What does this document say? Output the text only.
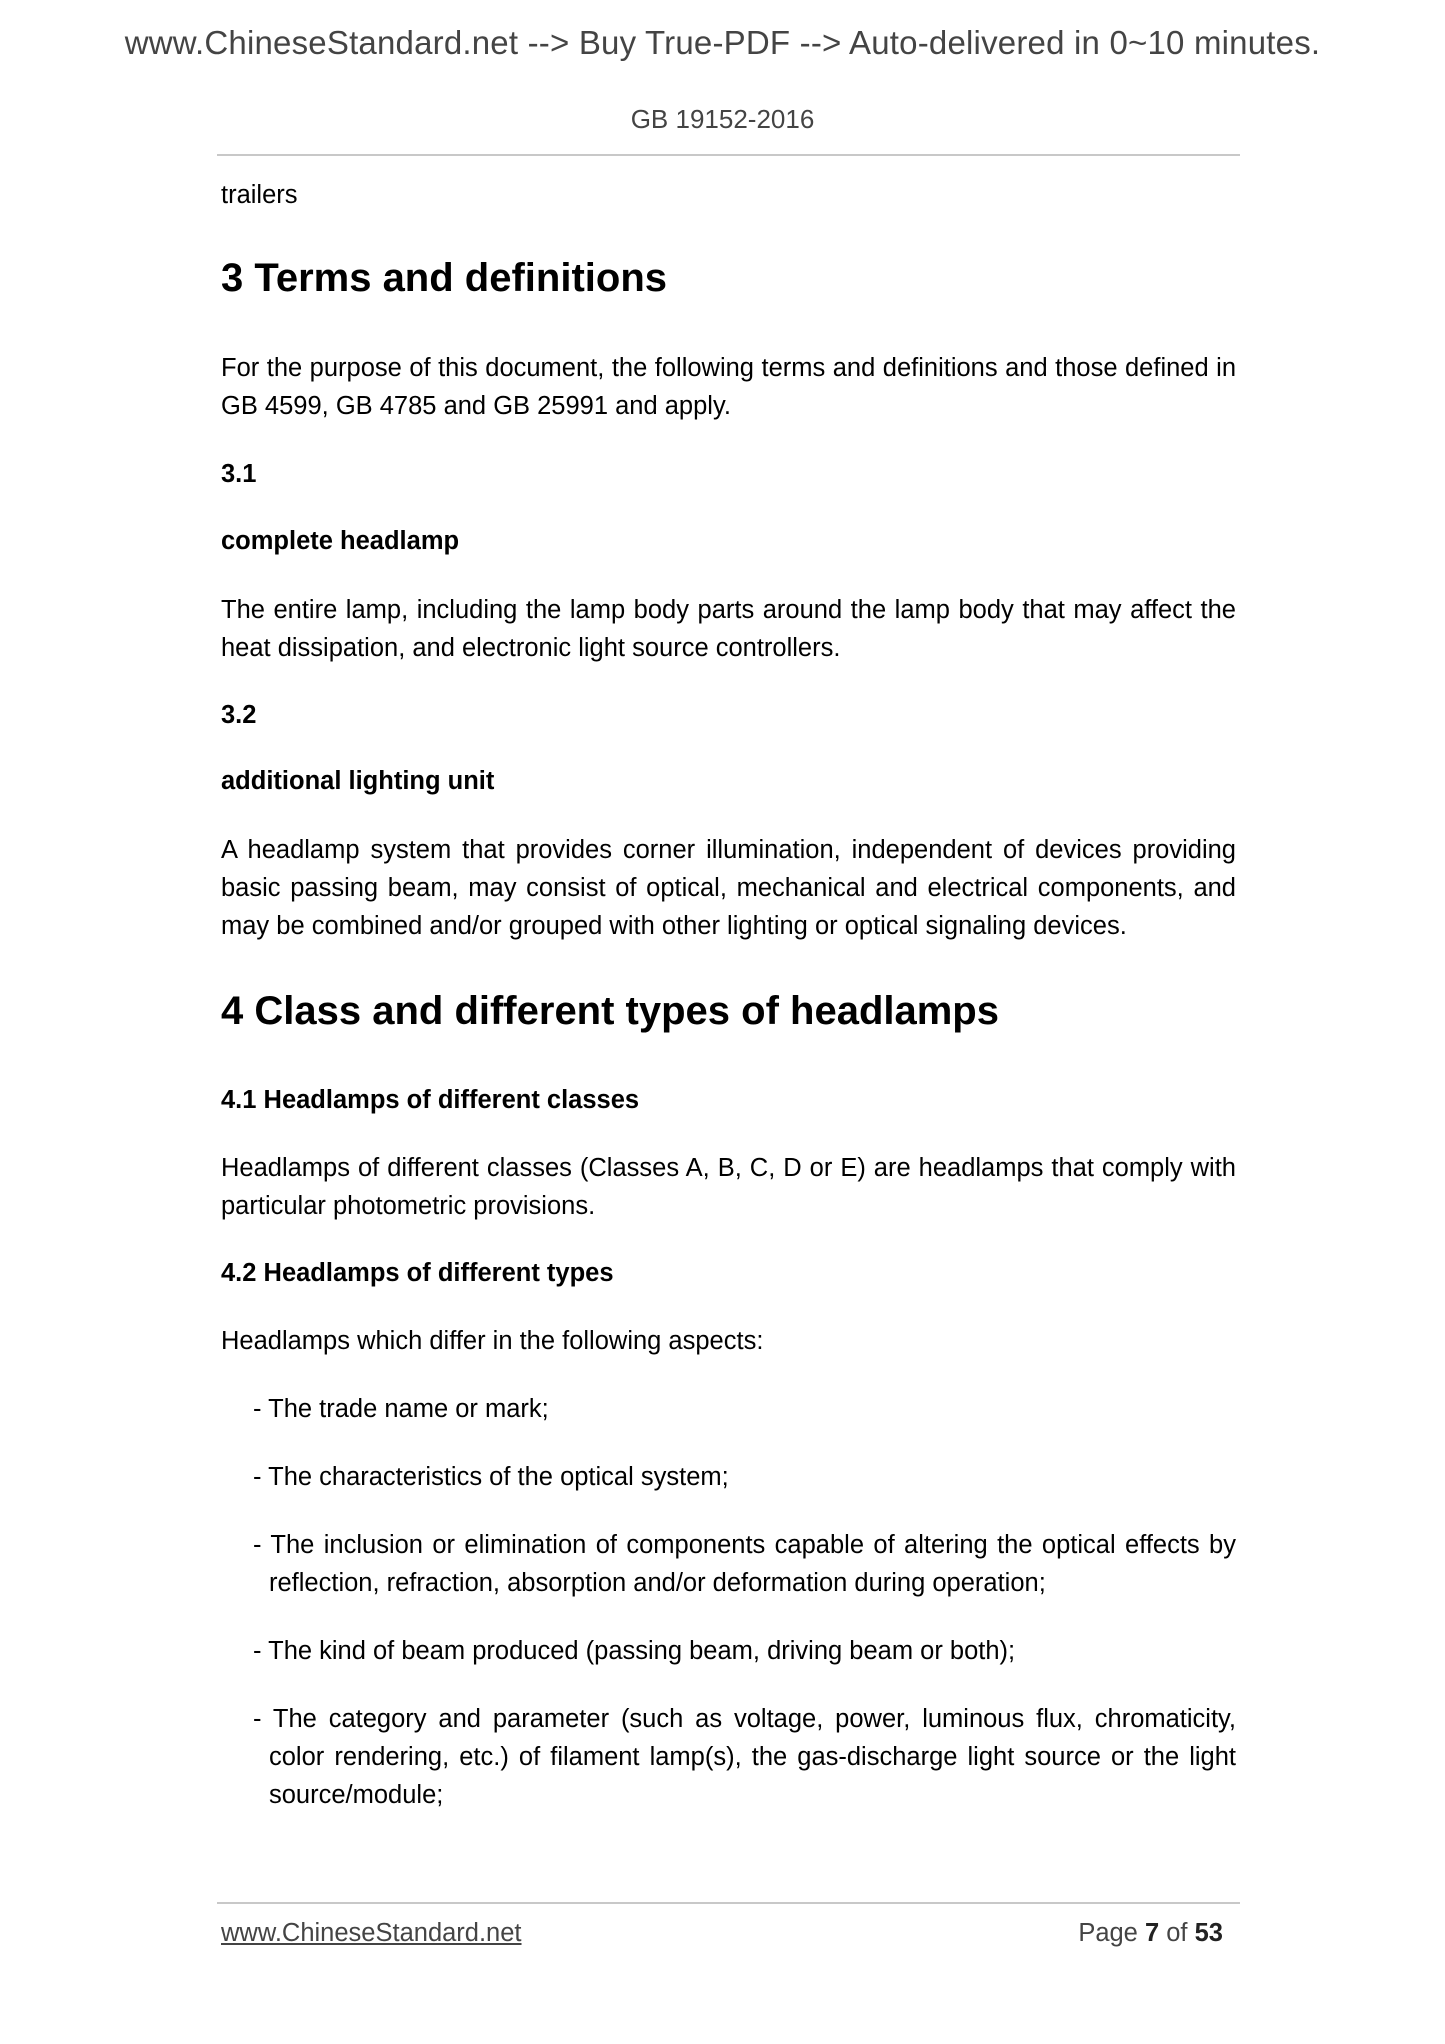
www.ChineseStandard.net --> Buy True-PDF --> Auto-delivered in 0~10 minutes.
GB 19152-2016
trailers
3 Terms and definitions
For the purpose of this document, the following terms and definitions and those defined in GB 4599, GB 4785 and GB 25991 and apply.
3.1
complete headlamp
The entire lamp, including the lamp body parts around the lamp body that may affect the heat dissipation, and electronic light source controllers.
3.2
additional lighting unit
A headlamp system that provides corner illumination, independent of devices providing basic passing beam, may consist of optical, mechanical and electrical components, and may be combined and/or grouped with other lighting or optical signaling devices.
4 Class and different types of headlamps
4.1 Headlamps of different classes
Headlamps of different classes (Classes A, B, C, D or E) are headlamps that comply with particular photometric provisions.
4.2 Headlamps of different types
Headlamps which differ in the following aspects:
- The trade name or mark;
- The characteristics of the optical system;
- The inclusion or elimination of components capable of altering the optical effects by reflection, refraction, absorption and/or deformation during operation;
- The kind of beam produced (passing beam, driving beam or both);
- The category and parameter (such as voltage, power, luminous flux, chromaticity, color rendering, etc.) of filament lamp(s), the gas-discharge light source or the light source/module;
www.ChineseStandard.net	Page 7 of 53
